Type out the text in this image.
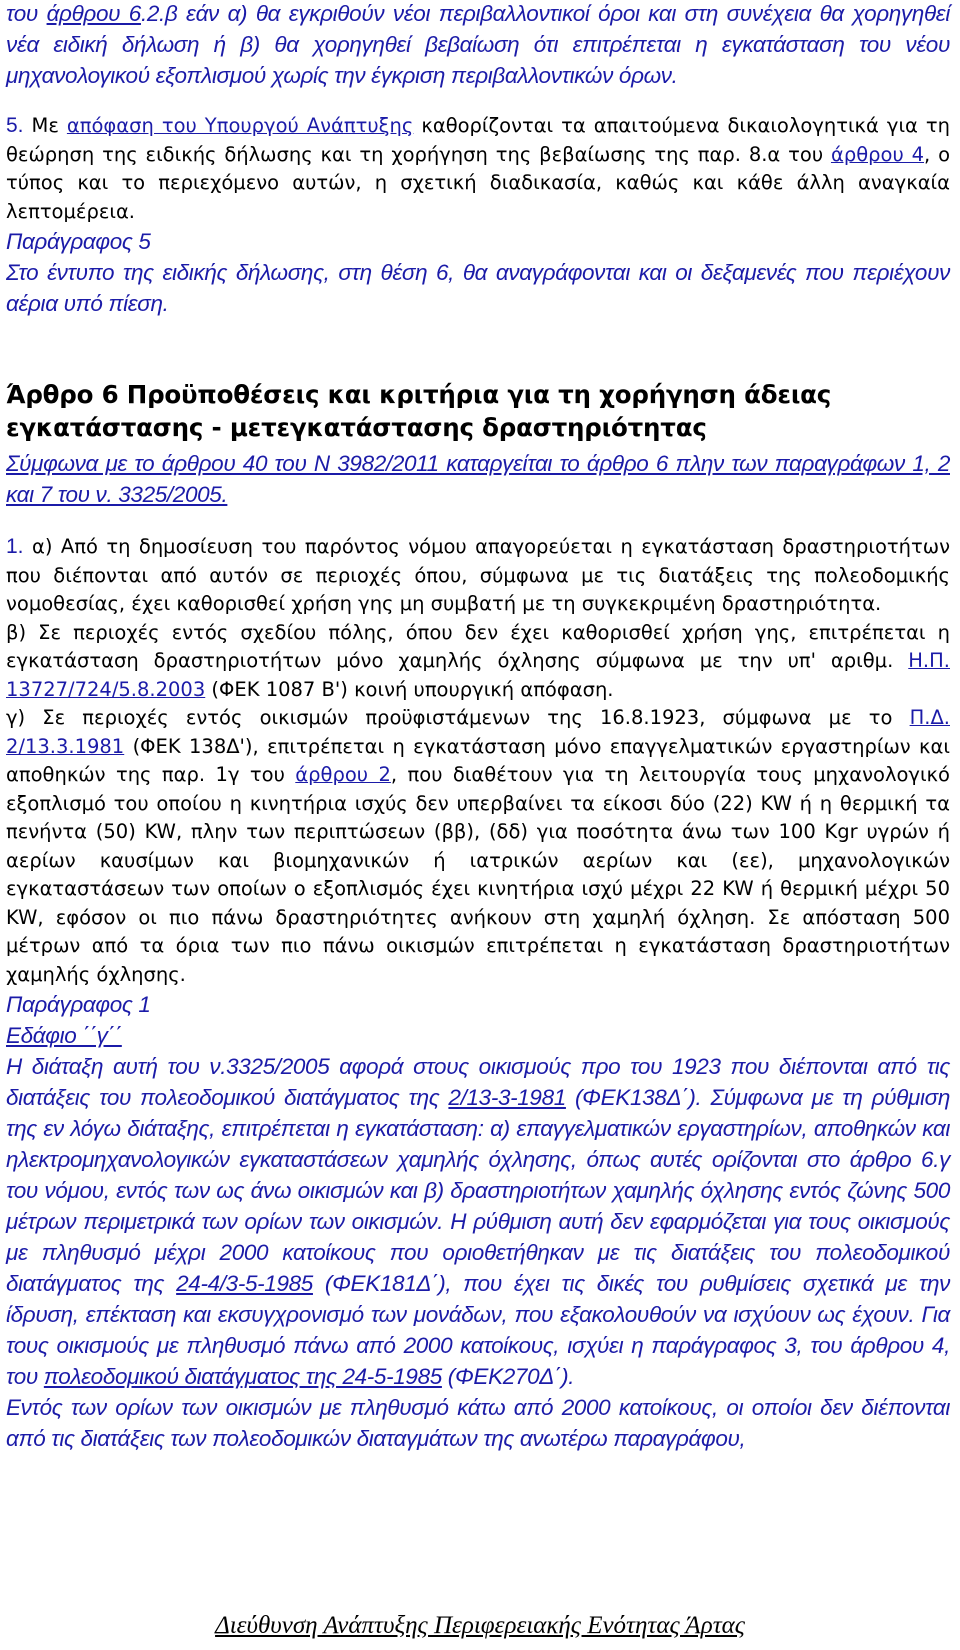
του άρθρου 6.2.β εάν α) θα εγκριθούν νέοι περιβαλλοντικοί όροι και στη συνέχεια θα χορηγηθεί νέα ειδική δήλωση ή β) θα χορηγηθεί βεβαίωση ότι επιτρέπεται η εγκατάσταση του νέου μηχανολογικού εξοπλισμού χωρίς την έγκριση περιβαλλοντικών όρων.

5. Με απόφαση του Υπουργού Ανάπτυξης καθορίζονται τα απαιτούμενα δικαιολογητικά για τη θεώρηση της ειδικής δήλωσης και τη χορήγηση της βεβαίωσης της παρ. 8.α του άρθρου 4, ο τύπος και το περιεχόμενο αυτών, η σχετική διαδικασία, καθώς και κάθε άλλη αναγκαία λεπτομέρεια.

Παράγραφος 5

Στο έντυπο της ειδικής δήλωσης, στη θέση 6, θα αναγράφονται και οι δεξαμενές που περιέχουν αέρια υπό πίεση.

Άρθρο 6 Προϋποθέσεις και κριτήρια για τη χορήγηση άδειας εγκατάστασης - μετεγκατάστασης δραστηριότητας

Σύμφωνα με το άρθρου 40 του Ν 3982/2011 καταργείται το άρθρο 6 πλην των παραγράφων 1, 2 και 7 του ν. 3325/2005.

1. α) Από τη δημοσίευση του παρόντος νόμου απαγορεύεται η εγκατάσταση δραστηριοτήτων που διέπονται από αυτόν σε περιοχές όπου, σύμφωνα με τις διατάξεις της πολεοδομικής νομοθεσίας, έχει καθορισθεί χρήση γης μη συμβατή με τη συγκεκριμένη δραστηριότητα.

β) Σε περιοχές εντός σχεδίου πόλης, όπου δεν έχει καθορισθεί χρήση γης, επιτρέπεται η εγκατάσταση δραστηριοτήτων μόνο χαμηλής όχλησης σύμφωνα με την υπ' αριθμ. Η.Π. 13727/724/5.8.2003 (ΦΕΚ 1087 Β') κοινή υπουργική απόφαση.

γ) Σε περιοχές εντός οικισμών προϋφιστάμενων της 16.8.1923, σύμφωνα με το Π.Δ. 2/13.3.1981 (ΦΕΚ 138Δ'), επιτρέπεται η εγκατάσταση μόνο επαγγελματικών εργαστηρίων και αποθηκών της παρ. 1γ του άρθρου 2, που διαθέτουν για τη λειτουργία τους μηχανολογικό εξοπλισμό του οποίου η κινητήρια ισχύς δεν υπερβαίνει τα είκοσι δύο (22) KW ή η θερμική τα πενήντα (50) KW, πλην των περιπτώσεων (ββ), (δδ) για ποσότητα άνω των 100 Kgr υγρών ή αερίων καυσίμων και βιομηχανικών ή ιατρικών αερίων και (εε), μηχανολογικών εγκαταστάσεων των οποίων ο εξοπλισμός έχει κινητήρια ισχύ μέχρι 22 KW ή θερμική μέχρι 50 KW, εφόσον οι πιο πάνω δραστηριότητες ανήκουν στη χαμηλή όχληση. Σε απόσταση 500 μέτρων από τα όρια των πιο πάνω οικισμών επιτρέπεται η εγκατάσταση δραστηριοτήτων χαμηλής όχλησης.

Παράγραφος 1

Εδάφιο ΄΄γ΄΄

Η διάταξη αυτή του ν.3325/2005 αφορά στους οικισμούς προ του 1923 που διέπονται από τις διατάξεις του πολεοδομικού διατάγματος της 2/13-3-1981 (ΦΕΚ138Δ΄). Σύμφωνα με τη ρύθμιση της εν λόγω διάταξης, επιτρέπεται η εγκατάσταση: α) επαγγελματικών εργαστηρίων, αποθηκών και ηλεκτρομηχανολογικών εγκαταστάσεων χαμηλής όχλησης, όπως αυτές ορίζονται στο άρθρο 6.γ του νόμου, εντός των ως άνω οικισμών και β) δραστηριοτήτων χαμηλής όχλησης εντός ζώνης 500 μέτρων περιμετρικά των ορίων των οικισμών. Η ρύθμιση αυτή δεν εφαρμόζεται για τους οικισμούς με πληθυσμό μέχρι 2000 κατοίκους που οριοθετήθηκαν με τις διατάξεις του πολεοδομικού διατάγματος της 24-4/3-5-1985 (ΦΕΚ181Δ΄), που έχει τις δικές του ρυθμίσεις σχετικά με την ίδρυση, επέκταση και εκσυγχρονισμό των μονάδων, που εξακολουθούν να ισχύουν ως έχουν. Για τους οικισμούς με πληθυσμό πάνω από 2000 κατοίκους, ισχύει η παράγραφος 3, του άρθρου 4, του πολεοδομικού διατάγματος της 24-5-1985 (ΦΕΚ270Δ΄).

Εντός των ορίων των οικισμών με πληθυσμό κάτω από 2000 κατοίκους, οι οποίοι δεν διέπονται από τις διατάξεις των πολεοδομικών διαταγμάτων της ανωτέρω παραγράφου,

Διεύθυνση Ανάπτυξης Περιφερειακής Ενότητας Άρτας
